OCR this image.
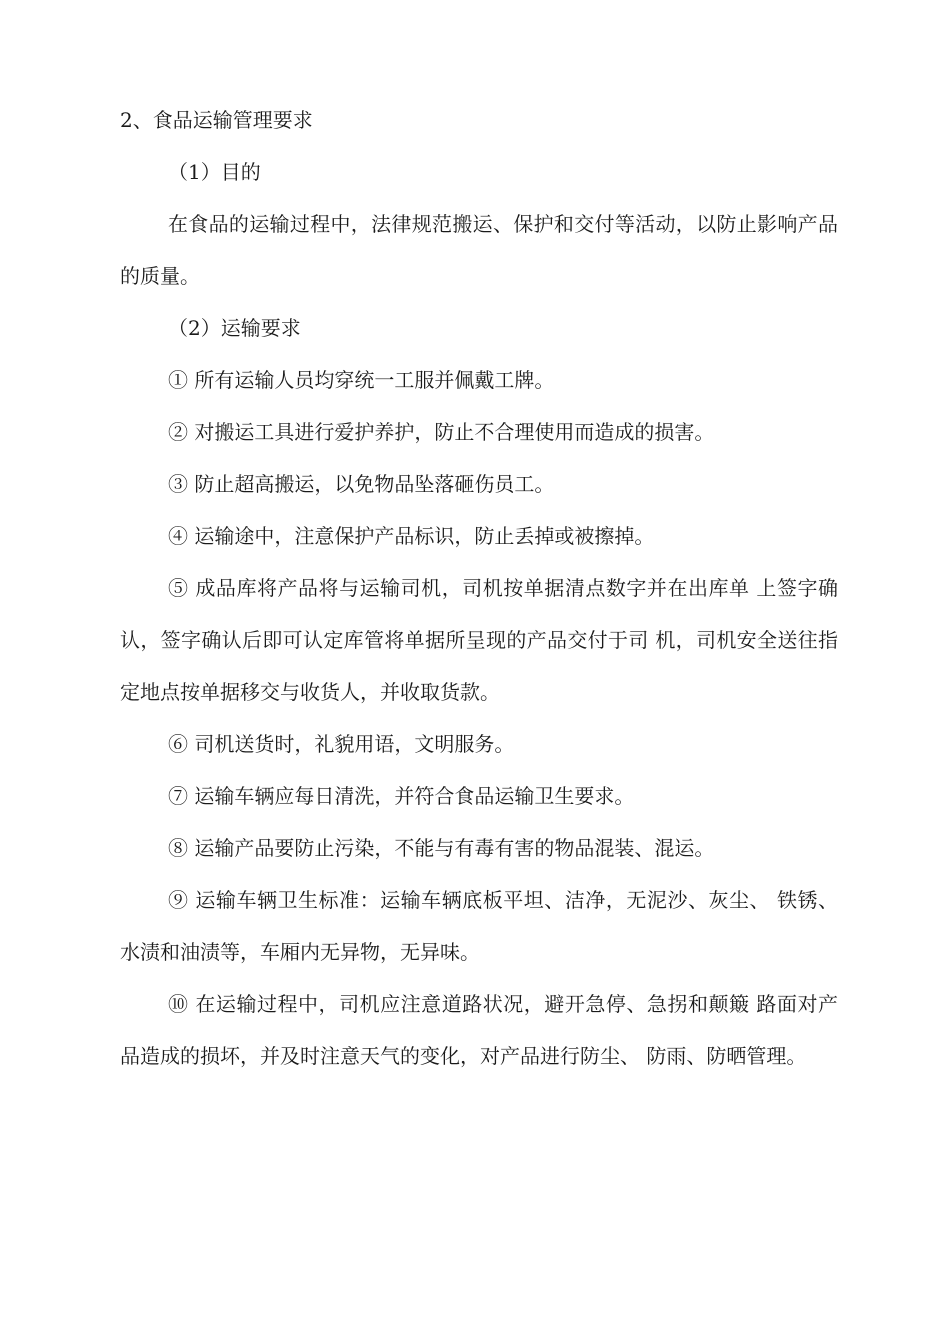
2、食品运输管理要求
（1）目的

在食品的运输过程中，法律规范搬运、保护和交付等活动，以防止影响产品的质量。

（2）运输要求

① 所有运输人员均穿统一工服并佩戴工牌。

② 对搬运工具进行爱护养护，防止不合理使用而造成的损害。

③ 防止超高搬运，以免物品坠落砸伤员工。

④ 运输途中，注意保护产品标识，防止丢掉或被擦掉。

⑤ 成品库将产品将与运输司机，司机按单据清点数字并在出库单 上签字确认，签字确认后即可认定库管将单据所呈现的产品交付于司 机，司机安全送往指定地点按单据移交与收货人，并收取货款。

⑥ 司机送货时，礼貌用语，文明服务。

⑦ 运输车辆应每日清洗，并符合食品运输卫生要求。

⑧ 运输产品要防止污染，不能与有毒有害的物品混装、混运。

⑨ 运输车辆卫生标准：运输车辆底板平坦、洁净，无泥沙、灰尘、 铁锈、水渍和油渍等，车厢内无异物，无异味。

⑩ 在运输过程中，司机应注意道路状况，避开急停、急拐和颠簸 路面对产品造成的损坏，并及时注意天气的变化，对产品进行防尘、 防雨、防晒管理。
